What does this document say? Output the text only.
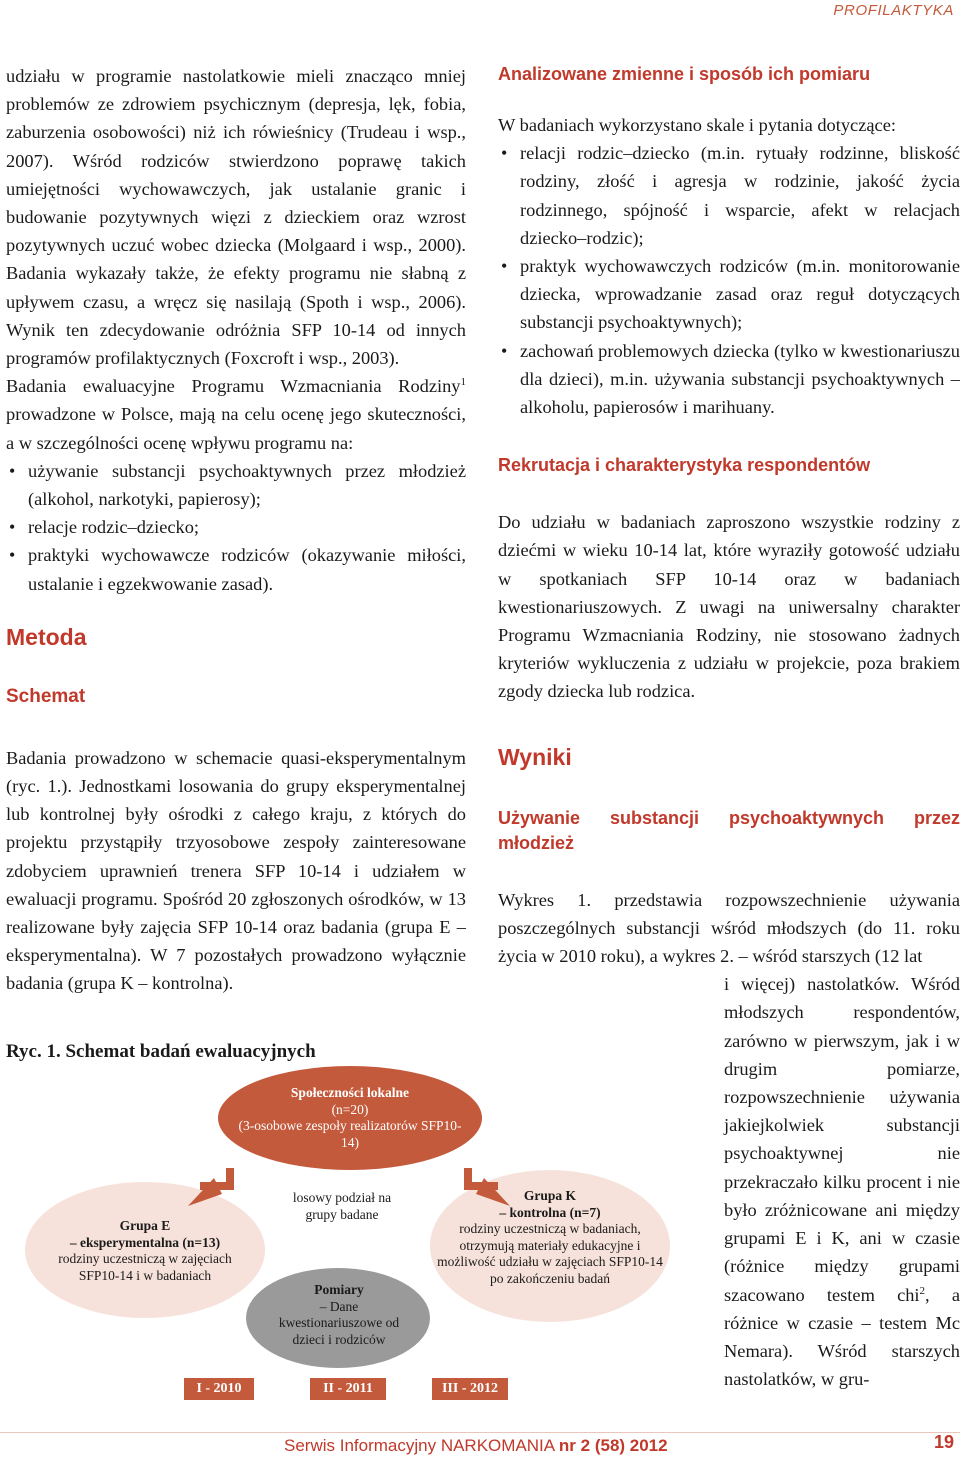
PROFILAKTYKA

udziału w programie nastolatkowie mieli znacząco mniej problemów ze zdrowiem psychicznym (depresja, lęk, fobia, zaburzenia osobowości) niż ich rówieśnicy (Trudeau i wsp., 2007). Wśród rodziców stwierdzono poprawę takich umiejętności wychowawczych, jak ustalanie granic i budowanie pozytywnych więzi z dzieckiem oraz wzrost pozytywnych uczuć wobec dziecka (Molgaard i wsp., 2000). Badania wykazały także, że efekty programu nie słabną z upływem czasu, a wręcz się nasilają (Spoth i wsp., 2006). Wynik ten zdecydowanie odróżnia SFP 10-14 od innych programów profilaktycznych (Foxcroft i wsp., 2003).

Badania ewaluacyjne Programu Wzmacniania Rodziny$^1$ prowadzone w Polsce, mają na celu ocenę jego skuteczności, a w szczególności ocenę wpływu programu na:

• używanie substancji psychoaktywnych przez młodzież (alkohol, narkotyki, papierosy);
• relacje rodzic–dziecko;
• praktyki wychowawcze rodziców (okazywanie miłości, ustalanie i egzekwowanie zasad).
Metoda
Schemat

Badania prowadzono w schemacie quasi-eksperymentalnym (ryc. 1.). Jednostkami losowania do grupy eksperymentalnej lub kontrolnej były ośrodki z całego kraju, z których do projektu przystąpiły trzyosobowe zespoły zainteresowane zdobyciem uprawnień trenera SFP 10-14 i udziałem w ewaluacji programu. Spośród 20 zgłoszonych ośrodków, w 13 realizowane były zajęcia SFP 10-14 oraz badania (grupa E – eksperymentalna). W 7 pozostałych prowadzono wyłącznie badania (grupa K – kontrolna).

Ryc. 1. Schemat badań ewaluacyjnych
Analizowane zmienne i sposób ich pomiaru

W badaniach wykorzystano skale i pytania dotyczące:

• relacji rodzic–dziecko (m.in. rytuały rodzinne, bliskość rodziny, złość i agresja w rodzinie, jakość życia rodzinnego, spójność i wsparcie, afekt w relacjach dziecko–rodzic);
• praktyk wychowawczych rodziców (m.in. monitorowanie dziecka, wprowadzanie zasad oraz reguł dotyczących substancji psychoaktywnych);
• zachowań problemowych dziecka (tylko w kwestionariuszu dla dzieci), m.in. używania substancji psychoaktywnych – alkoholu, papierosów i marihuany.
Rekrutacja i charakterystyka respondentów

Do udziału w badaniach zaproszono wszystkie rodziny z dziećmi w wieku 10-14 lat, które wyraziły gotowość udziału w spotkaniach SFP 10-14 oraz w badaniach kwestionariuszowych. Z uwagi na uniwersalny charakter Programu Wzmacniania Rodziny, nie stosowano żadnych kryteriów wykluczenia z udziału w projekcie, poza brakiem zgody dziecka lub rodzica.

Wyniki
Używanie substancji psychoaktywnych przez młodzież

Wykres 1. przedstawia rozpowszechnienie używania poszczególnych substancji wśród młodszych (do 11. roku życia w 2010 roku), a wykres 2. – wśród starszych (12 lat

i więcej) nastolatków. Wśród młodszych respondentów, zarówno w pierwszym, jak i w drugim pomiarze, rozpowszechnienie używania jakiejkolwiek substancji psychoaktywnej nie przekraczało kilku procent i nie było zróżnicowane ani między grupami E i K, ani w czasie (różnice między grupami szacowano testem chi$^2$, a różnice w czasie – testem Mc Nemara). Wśród starszych nastolatków, w gru-

Społeczności lokalne
(n=20)
(3-osobowe zespoły realizatorów SFP10-14)
losowy podział na grupy badane
Grupa E
– eksperymentalna (n=13)
rodziny uczestniczą w zajęciach SFP10-14 i w badaniach
Grupa K
– kontrolna (n=7)
rodziny uczestniczą w badaniach, otrzymują materiały edukacyjne i możliwość udziału w zajęciach SFP10-14 po zakończeniu badań
Pomiary
– Dane kwestionariuszowe od dzieci i rodziców
I - 2010	II - 2011	III - 2012
Serwis Informacyjny NARKOMANIA nr 2 (58) 2012	19
